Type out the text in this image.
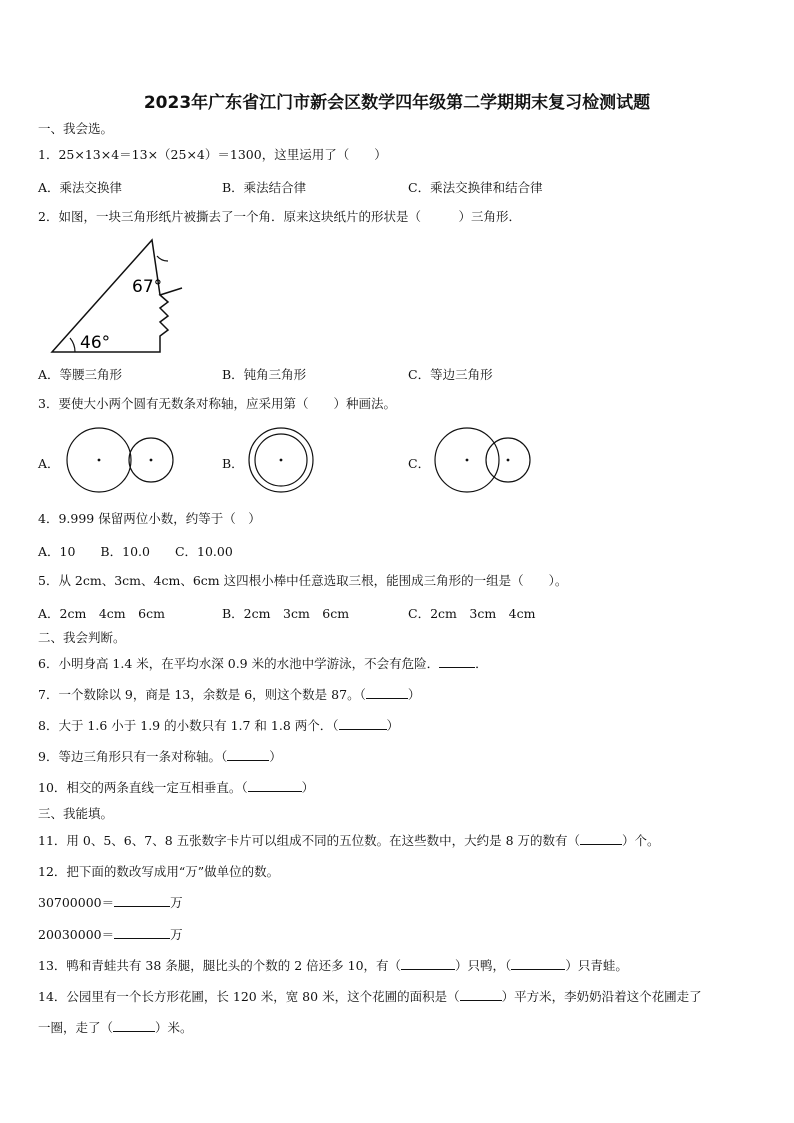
2023年广东省江门市新会区数学四年级第二学期期末复习检测试题
一、我会选。
1．25×13×4＝13×（25×4）＝1300，这里运用了（　　）
A．乘法交换律	B．乘法结合律	C．乘法交换律和结合律
2．如图，一块三角形纸片被撕去了一个角．原来这块纸片的形状是（　　　）三角形．
67°
46°
A．等腰三角形	B．钝角三角形	C．等边三角形
3．要使大小两个圆有无数条对称轴，应采用第（　　）种画法。
A．	B．	C．
4．9.999 保留两位小数，约等于（　）
A．10　　B．10.0　　C．10.00
5．从 2cm、3cm、4cm、6cm 这四根小棒中任意选取三根，能围成三角形的一组是（　　）。
A．2cm　4cm　6cm	B．2cm　3cm　6cm	C．2cm　3cm　4cm
二、我会判断。
6．小明身高 1.4 米，在平均水深 0.9 米的水池中学游泳，不会有危险．	．
7．一个数除以 9，商是 13，余数是 6，则这个数是 87。（	）
8．大于 1.6 小于 1.9 的小数只有 1.7 和 1.8 两个．（	）
9．等边三角形只有一条对称轴。（	）
10．相交的两条直线一定互相垂直。（	）
三、我能填。
11．用 0、5、6、7、8 五张数字卡片可以组成不同的五位数。在这些数中，大约是 8 万的数有（	）个。
12．把下面的数改写成用“万”做单位的数。
30700000＝	万
20030000＝	万
13．鸭和青蛙共有 38 条腿，腿比头的个数的 2 倍还多 10，有（	）只鸭，（	）只青蛙。
14．公园里有一个长方形花圃，长 120 米，宽 80 米，这个花圃的面积是（	）平方米，李奶奶沿着这个花圃走了
一圈，走了（	）米。
